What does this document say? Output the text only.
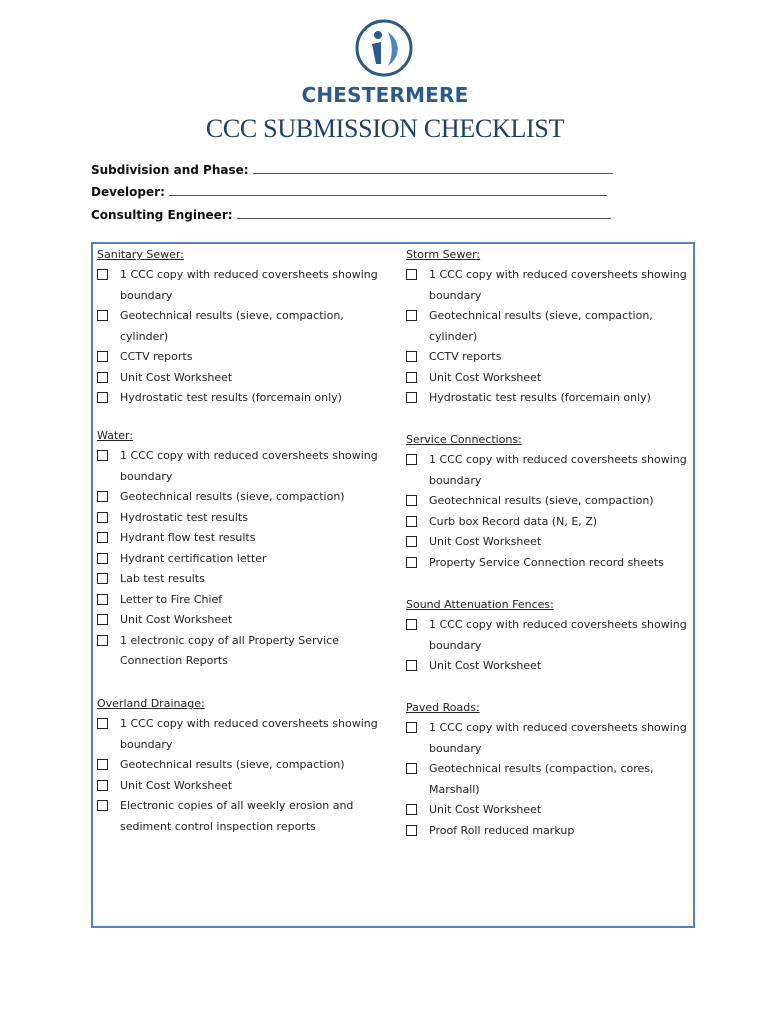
CHESTERMERE
CCC SUBMISSION CHECKLIST
Subdivision and Phase:
Developer:
Consulting Engineer:
Sanitary Sewer:
1 CCC copy with reduced coversheets showing boundary
Geotechnical results (sieve, compaction, cylinder)
CCTV reports
Unit Cost Worksheet
Hydrostatic test results (forcemain only)
Storm Sewer:
1 CCC copy with reduced coversheets showing boundary
Geotechnical results (sieve, compaction, cylinder)
CCTV reports
Unit Cost Worksheet
Hydrostatic test results (forcemain only)
Water:
1 CCC copy with reduced coversheets showing boundary
Geotechnical results (sieve, compaction)
Hydrostatic test results
Hydrant flow test results
Hydrant certification letter
Lab test results
Letter to Fire Chief
Unit Cost Worksheet
1 electronic copy of all Property Service Connection Reports
Service Connections:
1 CCC copy with reduced coversheets showing boundary
Geotechnical results (sieve, compaction)
Curb box Record data (N, E, Z)
Unit Cost Worksheet
Property Service Connection record sheets
Sound Attenuation Fences:
1 CCC copy with reduced coversheets showing boundary
Unit Cost Worksheet
Overland Drainage:
1 CCC copy with reduced coversheets showing boundary
Geotechnical results (sieve, compaction)
Unit Cost Worksheet
Electronic copies of all weekly erosion and sediment control inspection reports
Paved Roads:
1 CCC copy with reduced coversheets showing boundary
Geotechnical results (compaction, cores, Marshall)
Unit Cost Worksheet
Proof Roll reduced markup
